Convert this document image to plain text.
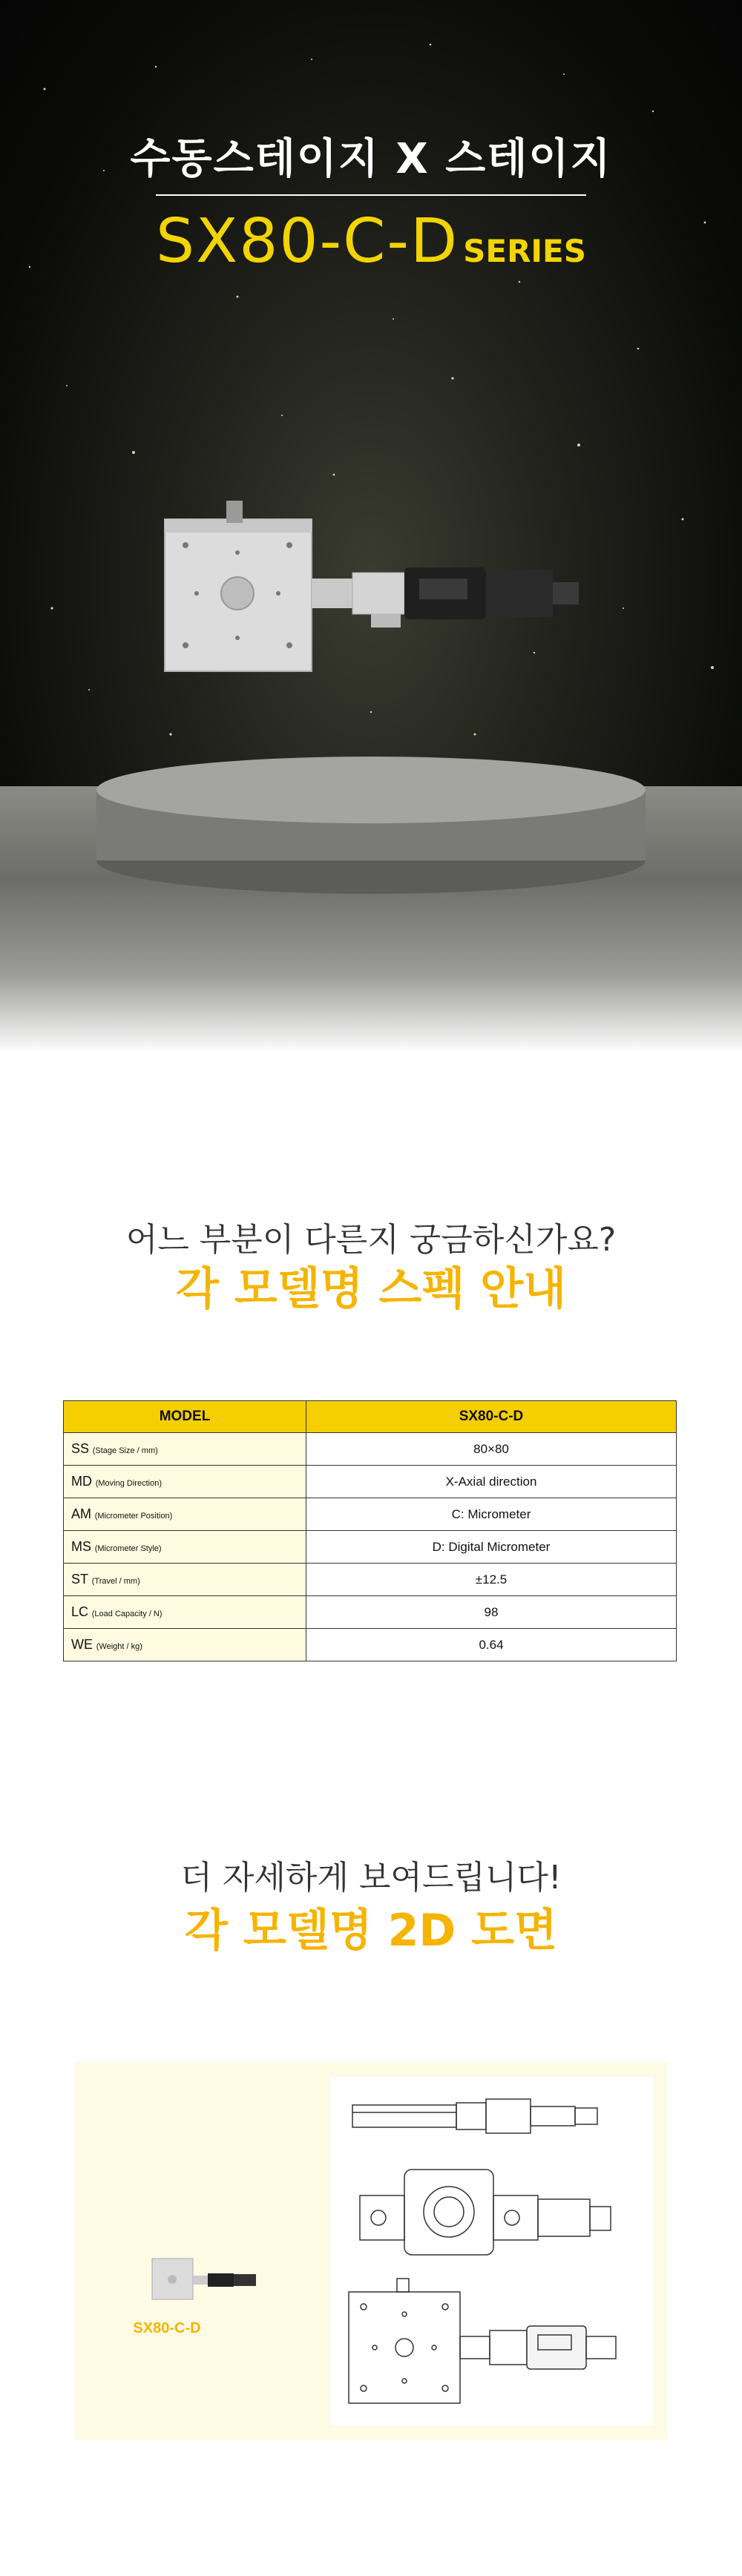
수동스테이지 X 스테이지
SX80-C-D SERIES
어느 부분이 다른지 궁금하신가요?
각 모델명 스펙 안내
MODEL	SX80-C-D
SS (Stage Size / mm)	80×80
MD (Moving Direction)	X-Axial direction
AM (Micrometer Position)	C: Micrometer
MS (Micrometer Style)	D: Digital Micrometer
ST (Travel / mm)	±12.5
LC (Load Capacity / N)	98
WE (Weight / kg)	0.64
더 자세하게 보여드립니다!
각 모델명 2D 도면
SX80-C-D
